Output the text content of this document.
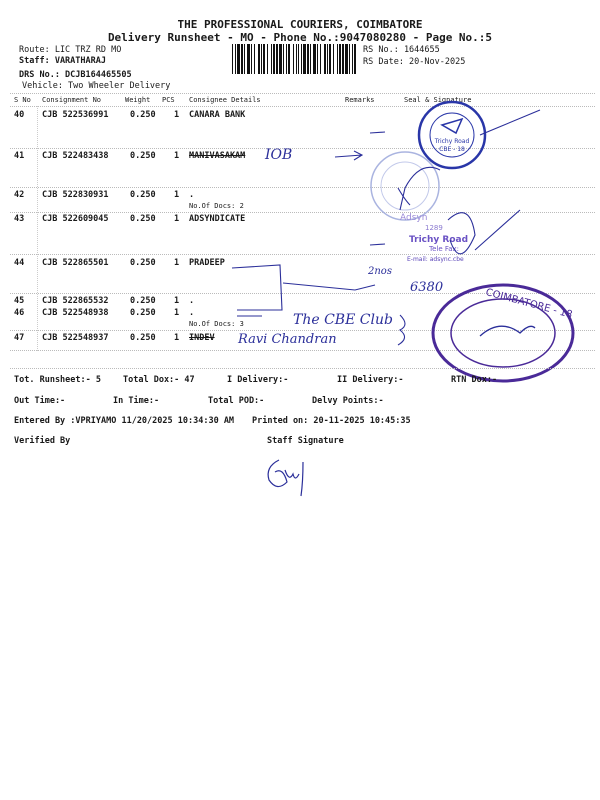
THE PROFESSIONAL COURIERS, COIMBATORE
Delivery Runsheet - MO - Phone No.:9047080280 - Page No.:5
Route: LIC TRZ RD MO
Staff: VARATHARAJ
DRS No.: DCJB164465505
Vehicle: Two Wheeler Delivery
RS No.: 1644655
RS Date: 20-Nov-2025
S No Consignment No	Weight PCS Consignee Details	Remarks	Seal & Signature
40 CJB 522536991	0.250 1 CANARA BANK
41 CJB 522483438	0.250 1 MANIVASAKAM
42 CJB 522830931	0.250 1 .
No.Of Docs: 2
43 CJB 522609045	0.250 1 ADSYNDICATE
44 CJB 522865501	0.250 1 PRADEEP
45 CJB 522865532	0.250 1 .
46 CJB 522548938	0.250 1 .
No.Of Docs: 3
47 CJB 522548937	0.250 1 INDEV
Trichy Road
CBE - 18
Adsyn
1289
Trichy Road
Tele Fax:
E-mail: adsync.cbe
COIMBATORE - 18
IOB
2nos
6380
The CBE Club
Ravi Chandran
Tot. Runsheet:- 5	Total Dox:- 47	I Delivery:-	II Delivery:-	RTN Dox:-
Out Time:-	In Time:-	Total POD:-	Delvy Points:-
Entered By :VPRIYAMO 11/20/2025 10:34:30 AM Printed on: 20-11-2025 10:45:35
Verified By	Staff Signature
